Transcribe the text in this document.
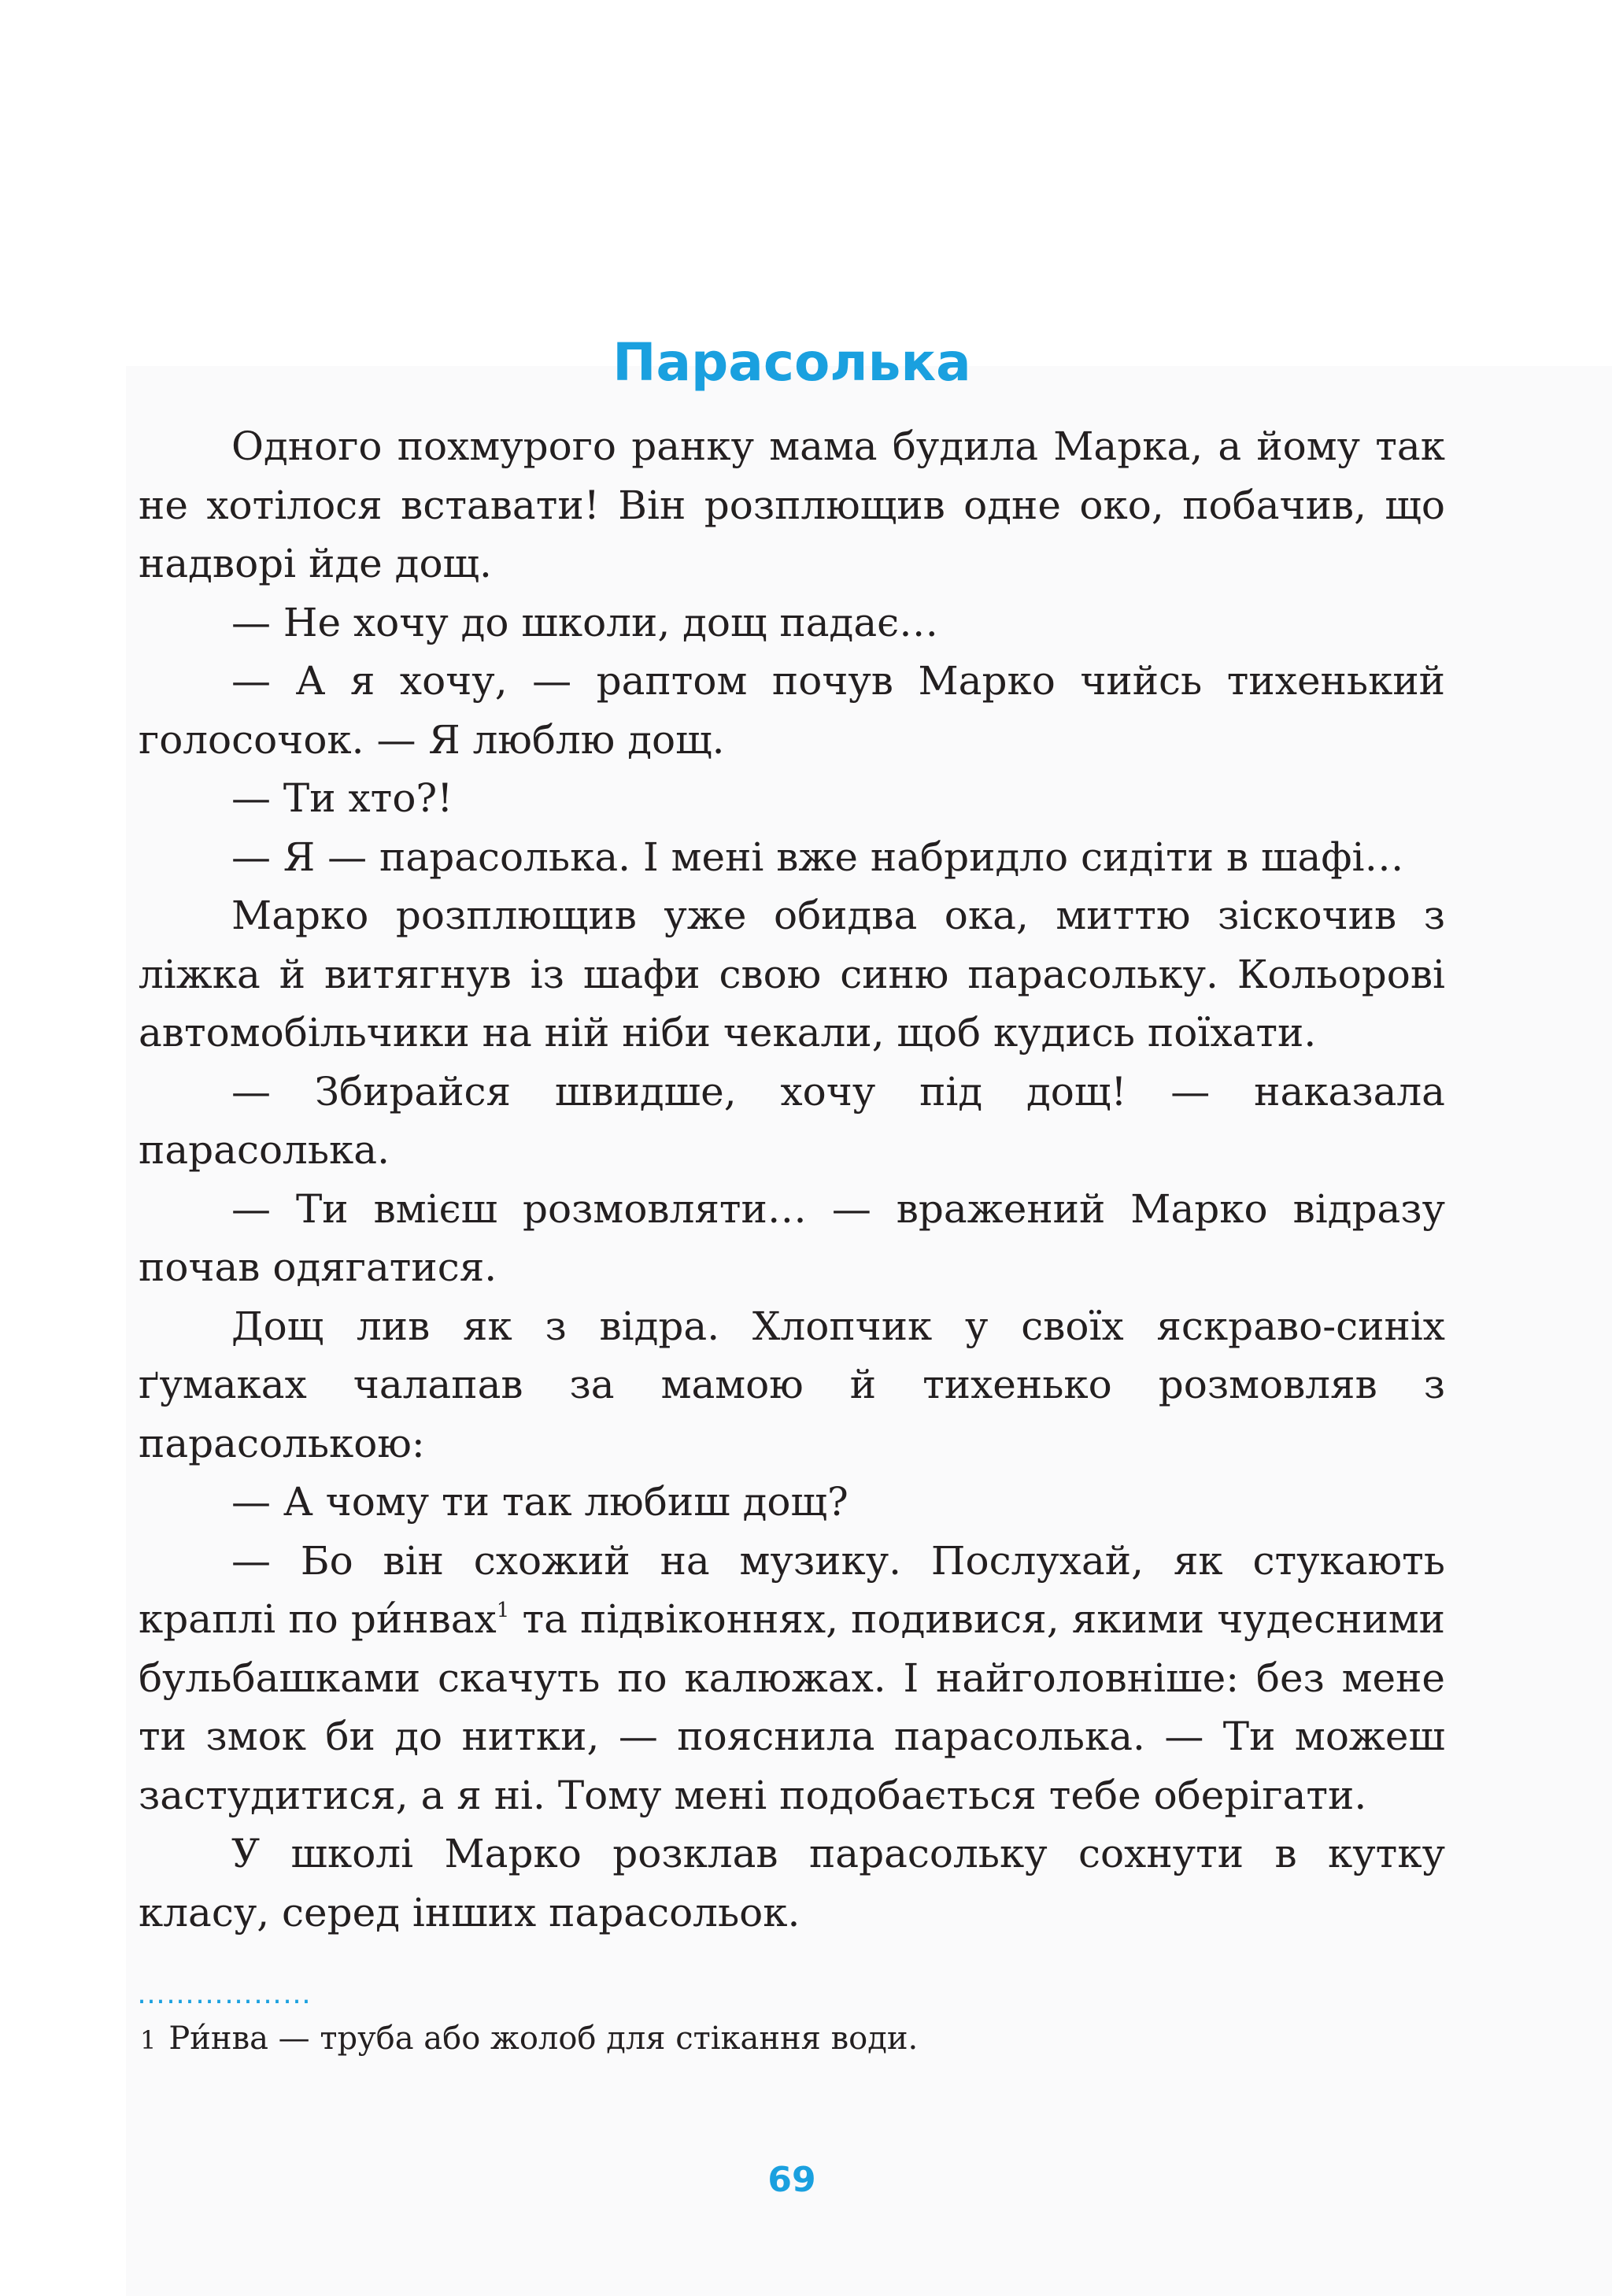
Парасолька

Одного похмурого ранку мама будила Марка, а йому так не хотілося вставати! Він розплющив одне око, побачив, що надворі йде дощ.

— Не хочу до школи, дощ падає…

— А я хочу, — раптом почув Марко чийсь тихенький голосочок. — Я люблю дощ.

— Ти хто?!

— Я — парасолька. І мені вже набридло сидіти в шафі…

Марко розплющив уже обидва ока, миттю зіскочив з ліжка й витягнув із шафи свою синю парасольку. Кольорові автомобільчики на ній ніби чекали, щоб кудись поїхати.

— Збирайся швидше, хочу під дощ! — наказала парасолька.

— Ти вмієш розмовляти… — вражений Марко відразу почав одягатися.

Дощ лив як з відра. Хлопчик у своїх яскраво-синіх ґумаках чалапав за мамою й тихенько розмовляв з парасолькою:

— А чому ти так любиш дощ?

— Бо він схожий на музику. Послухай, як стукають краплі по ри́нвах$^1$ та підвіконнях, подивися, якими чудесними бульбашками скачуть по калюжах. І найголовніше: без мене ти змок би до нитки, — пояснила парасолька. — Ти можеш застудитися, а я ні. Тому мені подобається тебе оберігати.

У школі Марко розклав парасольку сохнути в кутку класу, серед інших парасольок.

………………
1 Ри́нва — труба або жолоб для стікання води.
69
